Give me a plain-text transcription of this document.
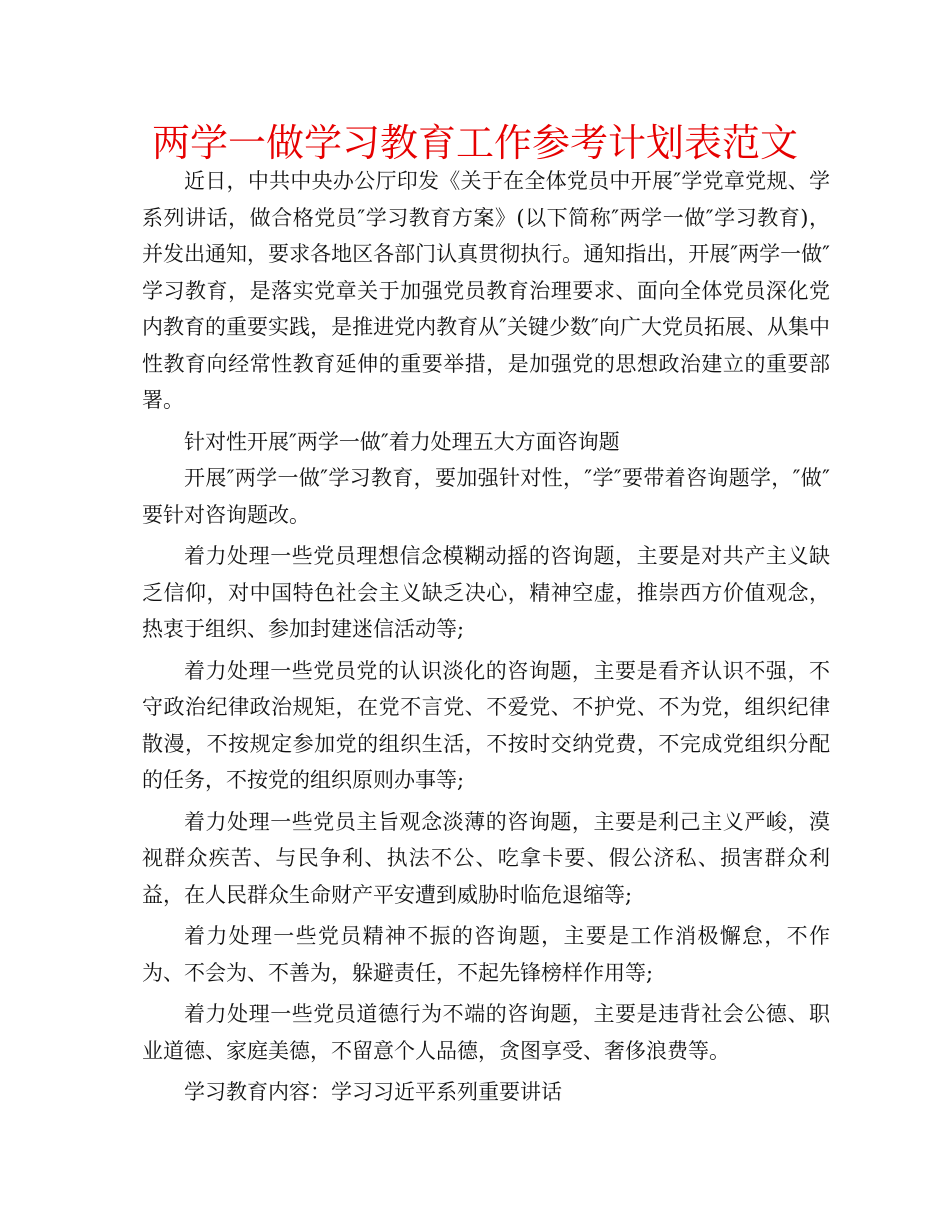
两学一做学习教育工作参考计划表范文

近日，中共中央办公厅印发《关于在全体党员中开展″学党章党规、学系列讲话，做合格党员″学习教育方案》(以下简称″两学一做″学习教育)，并发出通知，要求各地区各部门认真贯彻执行。通知指出，开展″两学一做″学习教育，是落实党章关于加强党员教育治理要求、面向全体党员深化党内教育的重要实践，是推进党内教育从″关键少数″向广大党员拓展、从集中性教育向经常性教育延伸的重要举措，是加强党的思想政治建立的重要部署。

针对性开展″两学一做″着力处理五大方面咨询题

开展″两学一做″学习教育，要加强针对性，″学″要带着咨询题学，″做″要针对咨询题改。

着力处理一些党员理想信念模糊动摇的咨询题，主要是对共产主义缺乏信仰，对中国特色社会主义缺乏决心，精神空虚，推崇西方价值观念，热衷于组织、参加封建迷信活动等;

着力处理一些党员党的认识淡化的咨询题，主要是看齐认识不强，不守政治纪律政治规矩，在党不言党、不爱党、不护党、不为党，组织纪律散漫，不按规定参加党的组织生活，不按时交纳党费，不完成党组织分配的任务，不按党的组织原则办事等;

着力处理一些党员主旨观念淡薄的咨询题，主要是利己主义严峻，漠视群众疾苦、与民争利、执法不公、吃拿卡要、假公济私、损害群众利益，在人民群众生命财产平安遭到威胁时临危退缩等;

着力处理一些党员精神不振的咨询题，主要是工作消极懈怠，不作为、不会为、不善为，躲避责任，不起先锋榜样作用等;

着力处理一些党员道德行为不端的咨询题，主要是违背社会公德、职业道德、家庭美德，不留意个人品德，贪图享受、奢侈浪费等。

学习教育内容：学习习近平系列重要讲话
